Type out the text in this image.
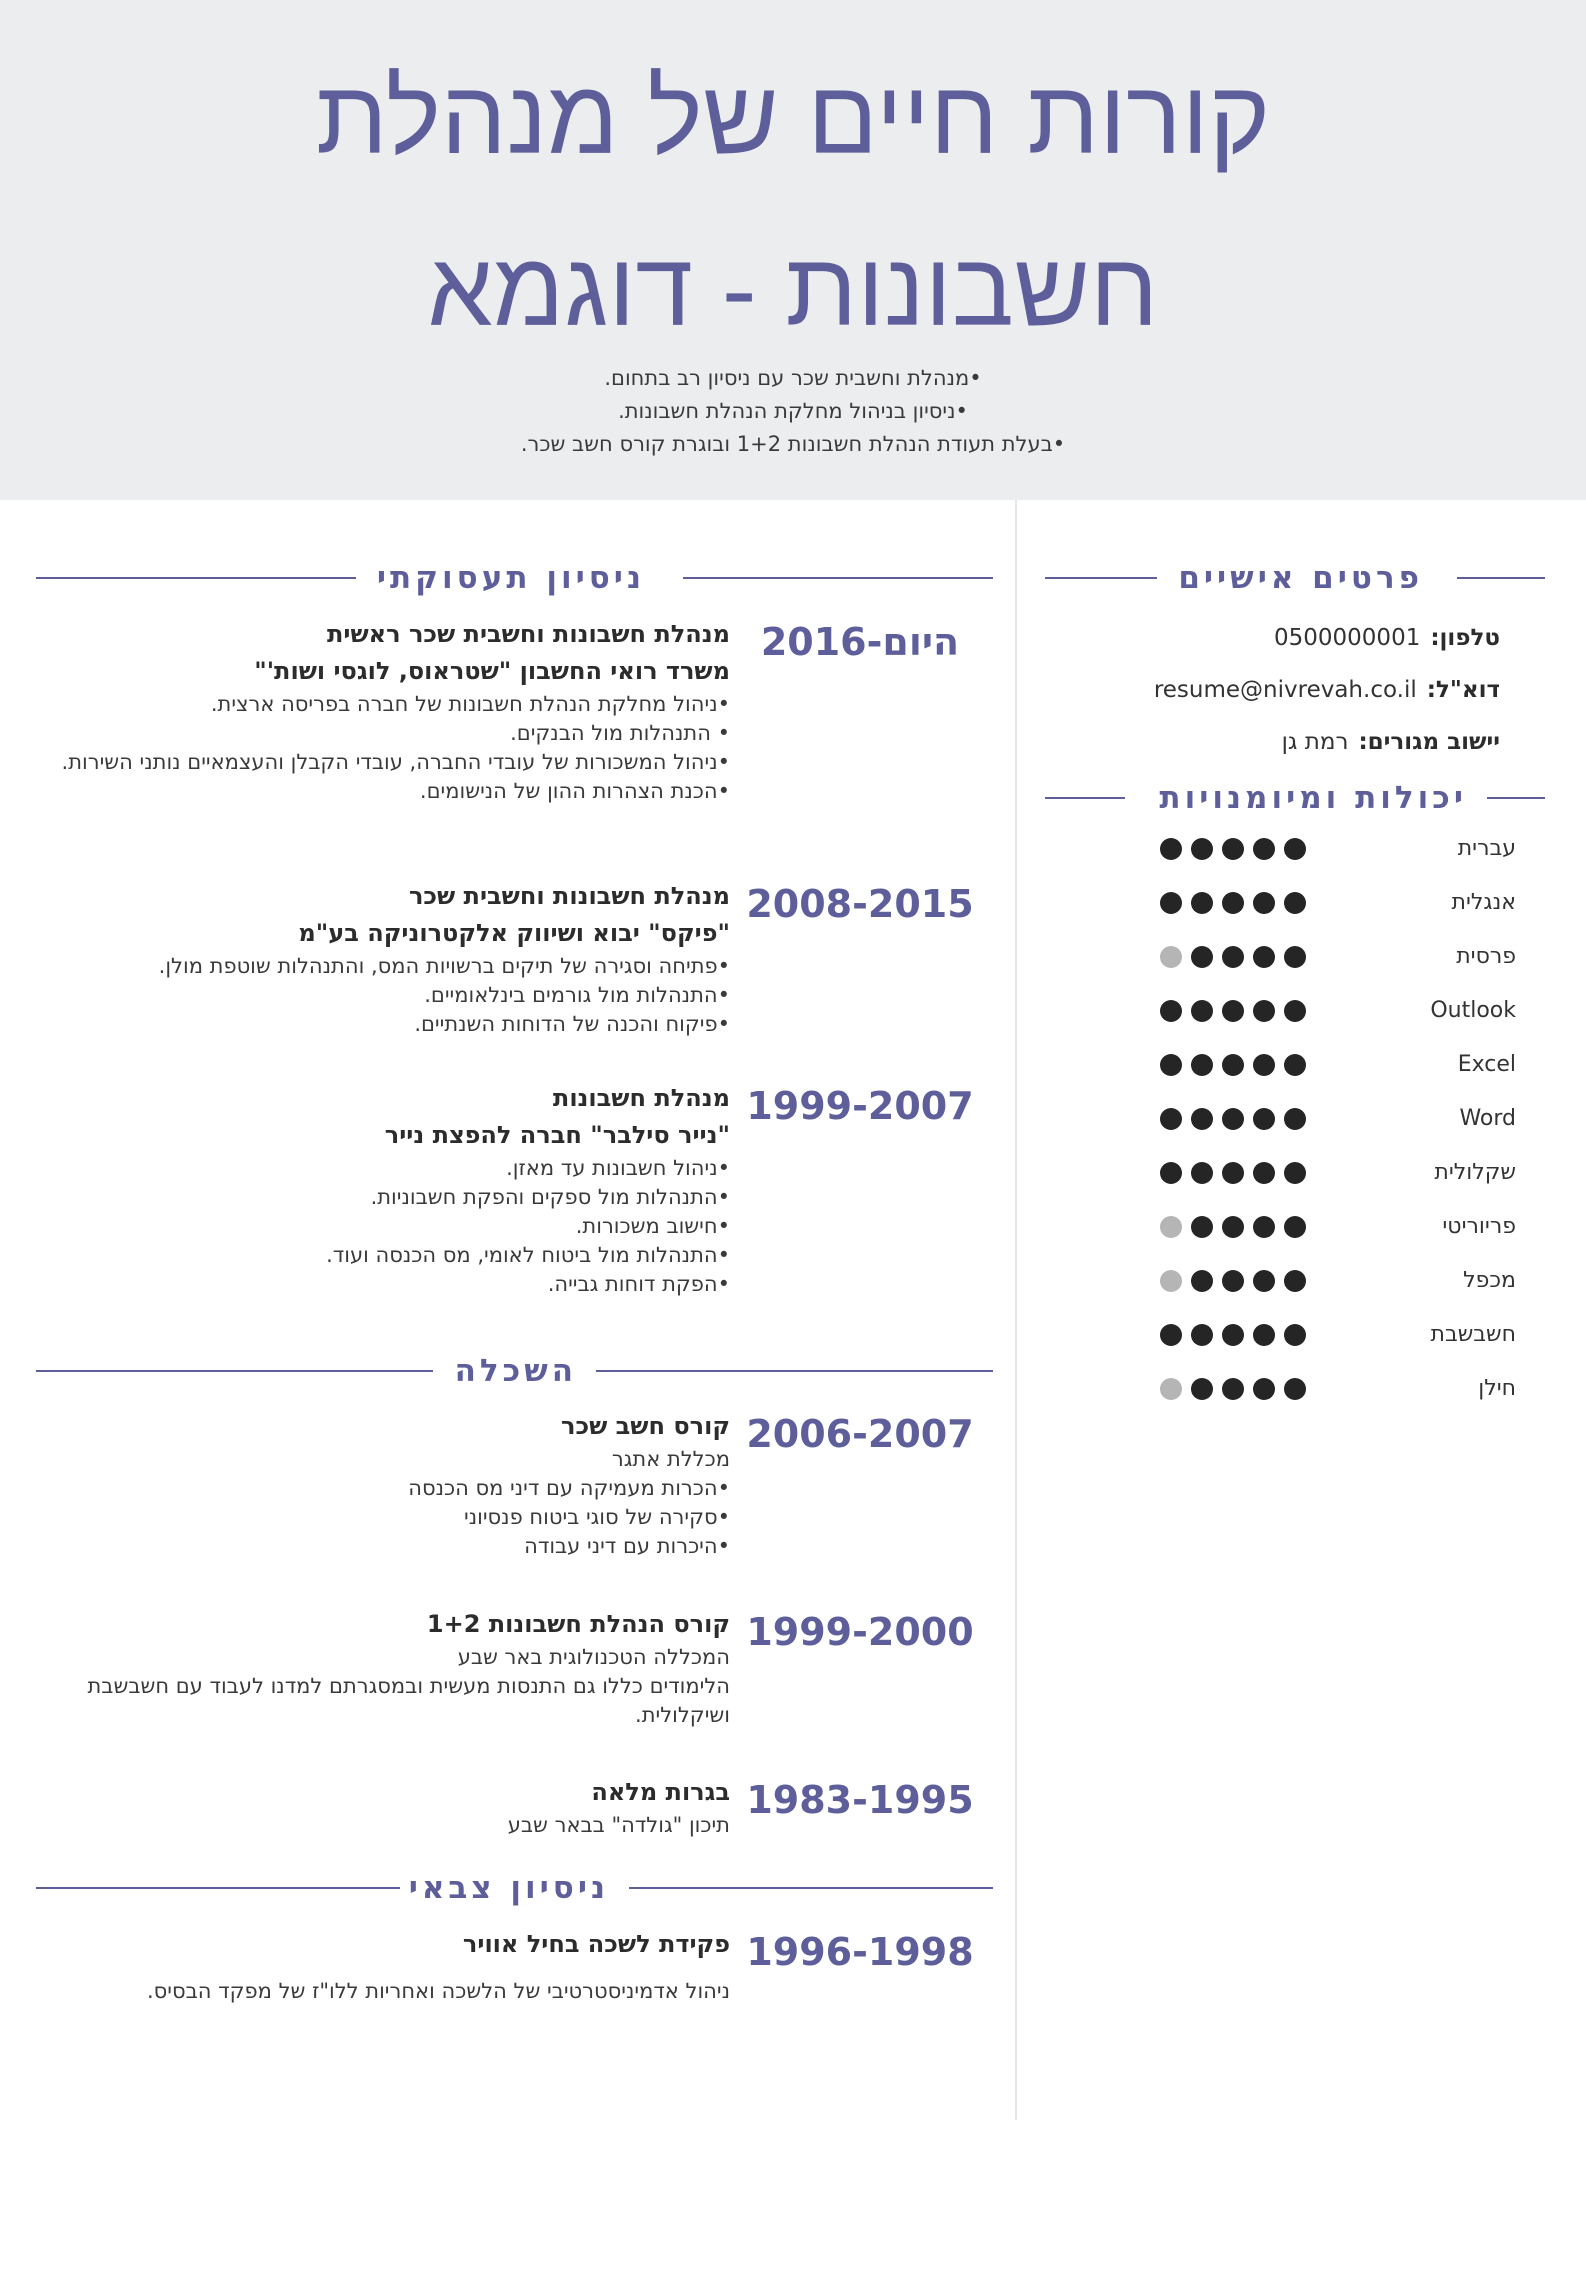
קורות חיים של מנהלת
חשבונות - דוגמא
•מנהלת וחשבית שכר עם ניסיון רב בתחום.
•ניסיון בניהול מחלקת הנהלת חשבונות.
•בעלת תעודת הנהלת חשבונות 1+2 ובוגרת קורס חשב שכר.
ניסיון תעסוקתי
השכלה
ניסיון צבאי
פרטים אישיים
יכולות ומיומנויות
2016-היום
מנהלת חשבונות וחשבית שכר ראשית
משרד רואי החשבון "שטראוס, לוגסי ושות'"
•ניהול מחלקת הנהלת חשבונות של חברה בפריסה ארצית.
• התנהלות מול הבנקים.
•ניהול המשכורות של עובדי החברה, עובדי הקבלן והעצמאיים נותני השירות.
•הכנת הצהרות ההון של הנישומים.
2008-2015
מנהלת חשבונות וחשבית שכר
"פיקס" יבוא ושיווק אלקטרוניקה בע"מ
•פתיחה וסגירה של תיקים ברשויות המס, והתנהלות שוטפת מולן.
•התנהלות מול גורמים בינלאומיים.
•פיקוח והכנה של הדוחות השנתיים.
1999-2007
מנהלת חשבונות
"נייר סילבר" חברה להפצת נייר
•ניהול חשבונות עד מאזן.
•התנהלות מול ספקים והפקת חשבוניות.
•חישוב משכורות.
•התנהלות מול ביטוח לאומי, מס הכנסה ועוד.
•הפקת דוחות גבייה.
2006-2007
קורס חשב שכר
מכללת אתגר
•הכרות מעמיקה עם דיני מס הכנסה
•סקירה של סוגי ביטוח פנסיוני
•היכרות עם דיני עבודה
1999-2000
קורס הנהלת חשבונות 1+2
המכללה הטכנולוגית באר שבע
הלימודים כללו גם התנסות מעשית ובמסגרתם למדנו לעבוד עם חשבשבת ושיקלולית.
1983-1995
בגרות מלאה
תיכון "גולדה" בבאר שבע
1996-1998
פקידת לשכה בחיל אוויר
ניהול אדמיניסטרטיבי של הלשכה ואחריות ללו"ז של מפקד הבסיס.
טלפון:0500000001
דוא"ל:resume@nivrevah.co.il
יישוב מגורים:רמת גן
עברית
אנגלית
פרסית
Outlook
Excel
Word
שקלולית
פריוריטי
מכפל
חשבשבת
חילן
